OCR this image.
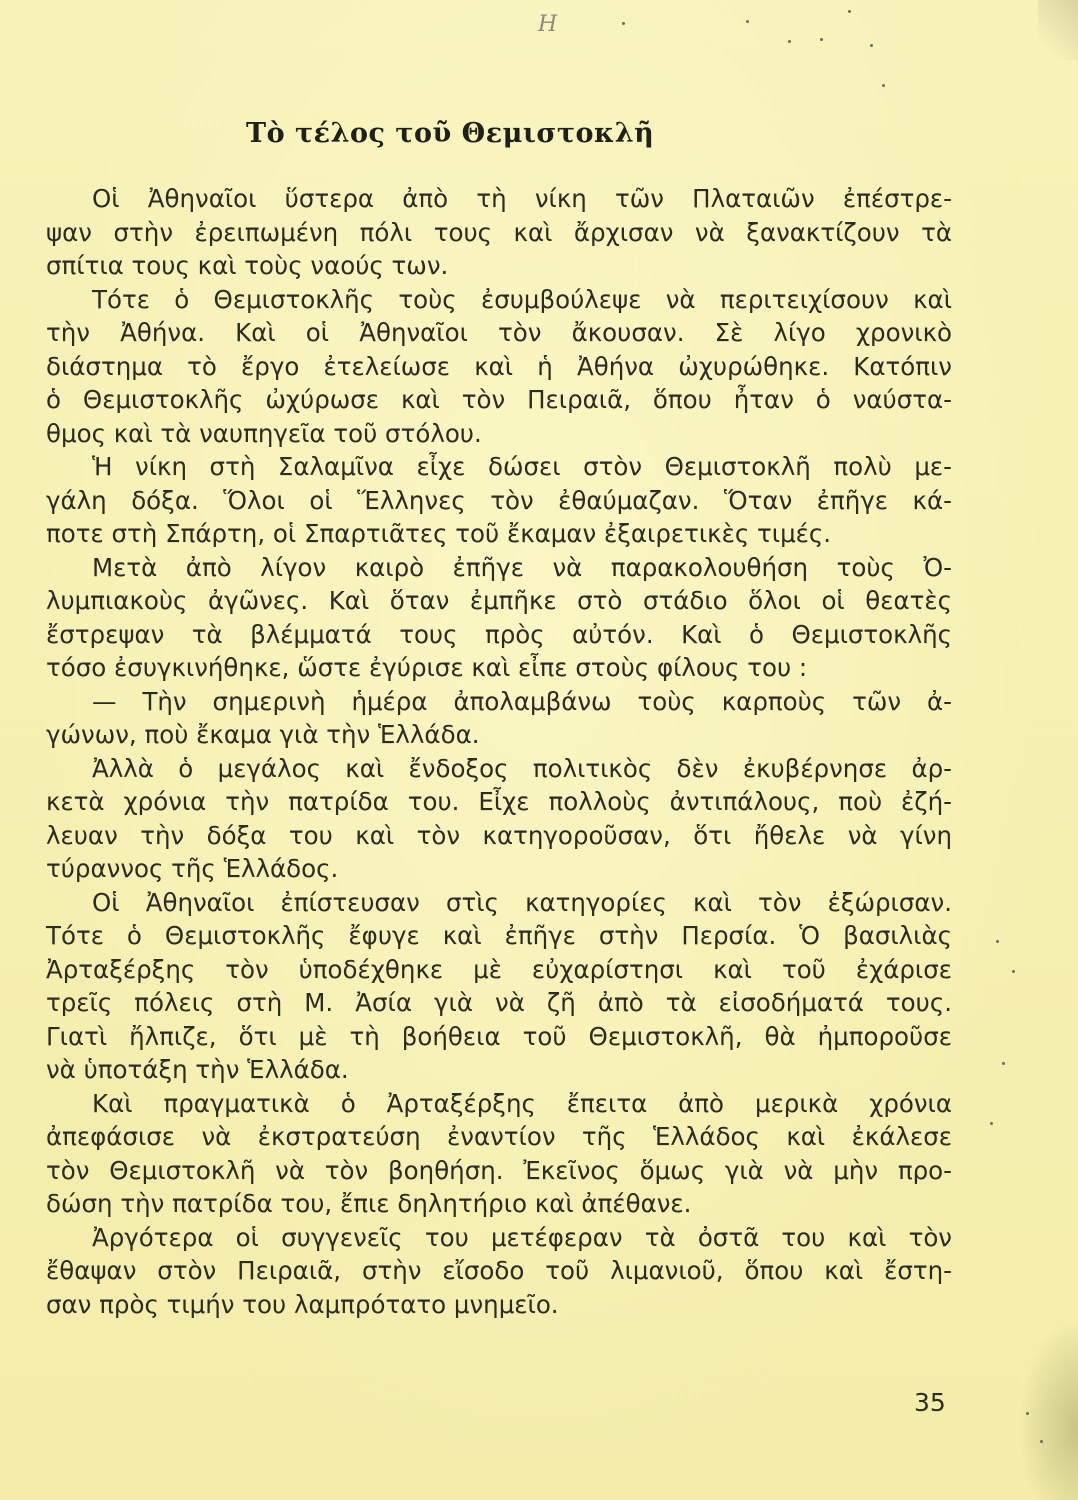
Η
Τὸ τέλος τοῦ Θεμιστοκλῆ
Οἱ Ἀθηναῖοι ὕστερα ἀπὸ τὴ νίκη τῶν Πλαταιῶν ἐπέστρε-
ψαν στὴν ἐρειπωμένη πόλι τους καὶ ἄρχισαν νὰ ξανακτίζουν τὰ
σπίτια τους καὶ τοὺς ναούς των.
Τότε ὁ Θεμιστοκλῆς τοὺς ἐσυμβούλεψε νὰ περιτειχίσουν καὶ
τὴν Ἀθήνα. Καὶ οἱ Ἀθηναῖοι τὸν ἄκουσαν. Σὲ λίγο χρονικὸ
διάστημα τὸ ἔργο ἐτελείωσε καὶ ἡ Ἀθήνα ὠχυρώθηκε. Κατόπιν
ὁ Θεμιστοκλῆς ὠχύρωσε καὶ τὸν Πειραιᾶ, ὅπου ἦταν ὁ ναύστα-
θμος καὶ τὰ ναυπηγεῖα τοῦ στόλου.
Ἡ νίκη στὴ Σαλαμῖνα εἶχε δώσει στὸν Θεμιστοκλῆ πολὺ με-
γάλη δόξα. Ὅλοι οἱ Ἕλληνες τὸν ἐθαύμαζαν. Ὅταν ἐπῆγε κά-
ποτε στὴ Σπάρτη, οἱ Σπαρτιᾶτες τοῦ ἔκαμαν ἐξαιρετικὲς τιμές.
Μετὰ ἀπὸ λίγον καιρὸ ἐπῆγε νὰ παρακολουθήση τοὺς Ὀ-
λυμπιακοὺς ἀγῶνες. Καὶ ὅταν ἐμπῆκε στὸ στάδιο ὅλοι οἱ θεατὲς
ἔστρεψαν τὰ βλέμματά τους πρὸς αὐτόν. Καὶ ὁ Θεμιστοκλῆς
τόσο ἐσυγκινήθηκε, ὥστε ἐγύρισε καὶ εἶπε στοὺς φίλους του :
— Τὴν σημερινὴ ἡμέρα ἀπολαμβάνω τοὺς καρποὺς τῶν ἀ-
γώνων, ποὺ ἔκαμα γιὰ τὴν Ἑλλάδα.
Ἀλλὰ ὁ μεγάλος καὶ ἔνδοξος πολιτικὸς δὲν ἐκυβέρνησε ἀρ-
κετὰ χρόνια τὴν πατρίδα του. Εἶχε πολλοὺς ἀντιπάλους, ποὺ ἐζή-
λευαν τὴν δόξα του καὶ τὸν κατηγοροῦσαν, ὅτι ἤθελε νὰ γίνη
τύραννος τῆς Ἑλλάδος.
Οἱ Ἀθηναῖοι ἐπίστευσαν στὶς κατηγορίες καὶ τὸν ἐξώρισαν.
Τότε ὁ Θεμιστοκλῆς ἔφυγε καὶ ἐπῆγε στὴν Περσία. Ὁ βασιλιὰς
Ἀρταξέρξης τὸν ὑποδέχθηκε μὲ εὐχαρίστησι καὶ τοῦ ἐχάρισε
τρεῖς πόλεις στὴ Μ. Ἀσία γιὰ νὰ ζῆ ἀπὸ τὰ εἰσοδήματά τους.
Γιατὶ ἤλπιζε, ὅτι μὲ τὴ βοήθεια τοῦ Θεμιστοκλῆ, θὰ ἠμποροῦσε
νὰ ὑποτάξη τὴν Ἑλλάδα.
Καὶ πραγματικὰ ὁ Ἀρταξέρξης ἔπειτα ἀπὸ μερικὰ χρόνια
ἀπεφάσισε νὰ ἐκστρατεύση ἐναντίον τῆς Ἑλλάδος καὶ ἐκάλεσε
τὸν Θεμιστοκλῆ νὰ τὸν βοηθήση. Ἐκεῖνος ὅμως γιὰ νὰ μὴν προ-
δώση τὴν πατρίδα του, ἔπιε δηλητήριο καὶ ἀπέθανε.
Ἀργότερα οἱ συγγενεῖς του μετέφεραν τὰ ὀστᾶ του καὶ τὸν
ἔθαψαν στὸν Πειραιᾶ, στὴν εἴσοδο τοῦ λιμανιοῦ, ὅπου καὶ ἔστη-
σαν πρὸς τιμήν του λαμπρότατο μνημεῖο.
35
